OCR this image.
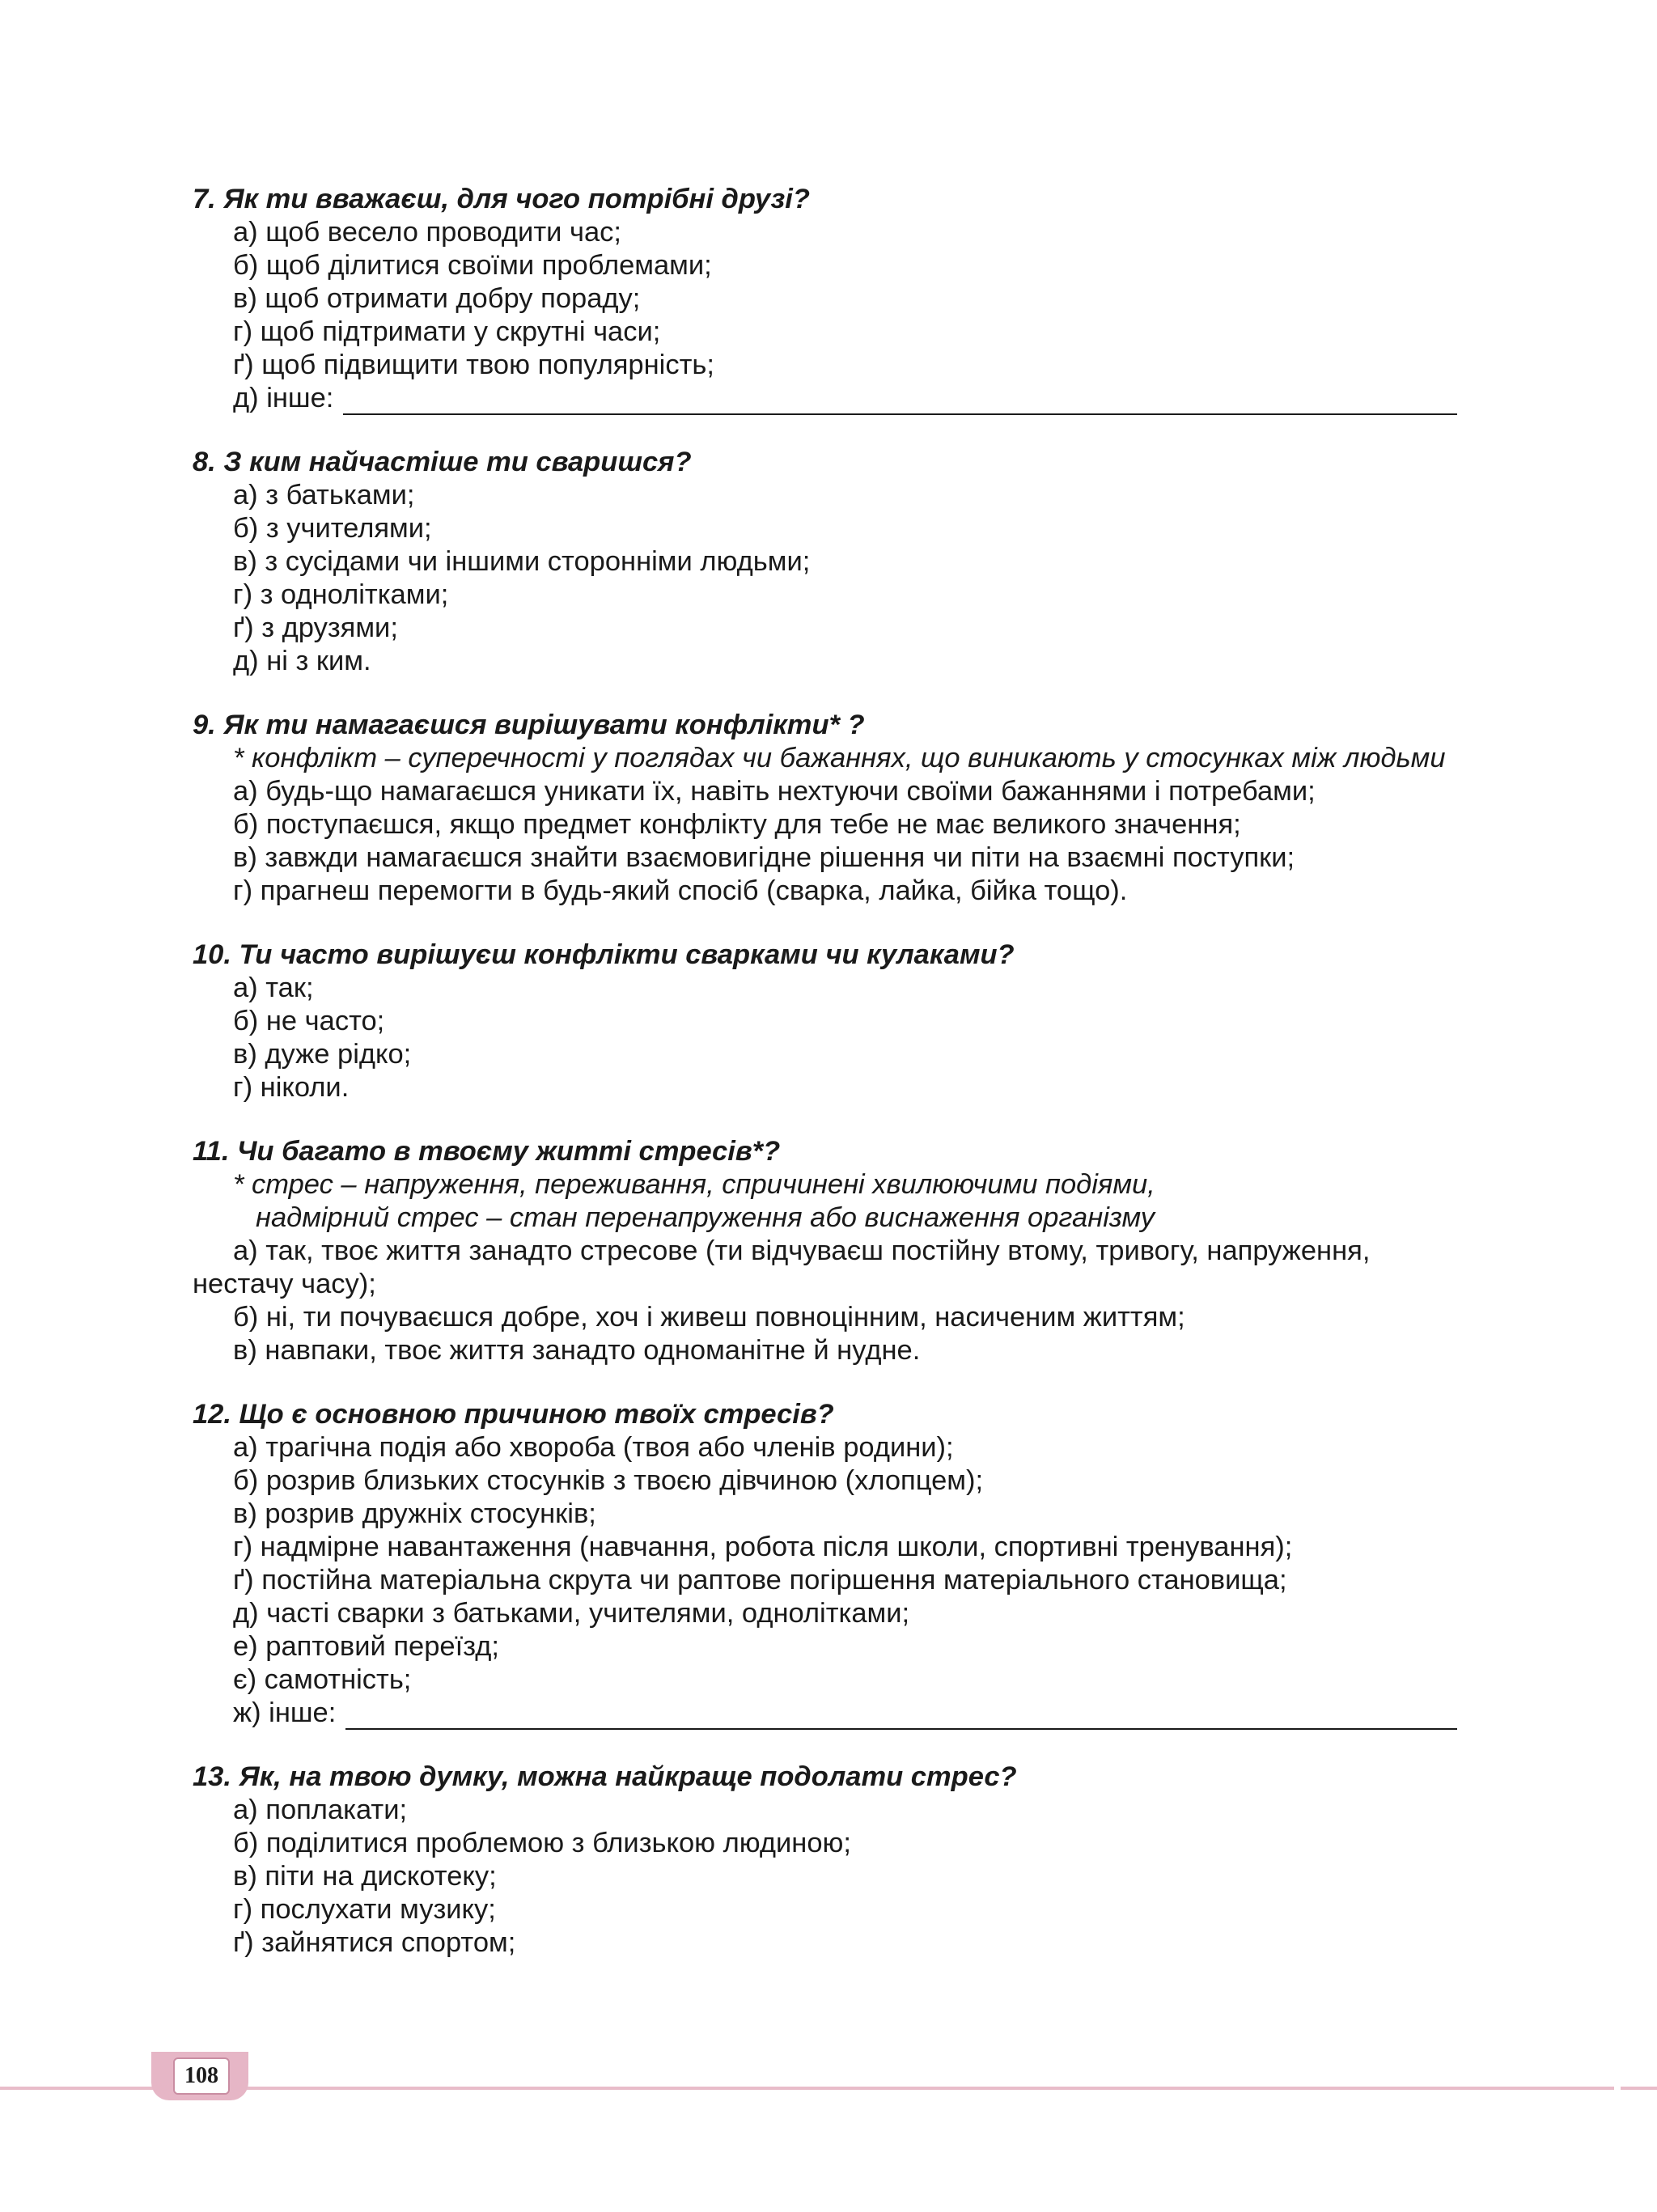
7. Як ти вважаєш, для чого потрібні друзі?
а) щоб весело проводити час;
б) щоб ділитися своїми проблемами;
в) щоб отримати добру пораду;
г) щоб підтримати у скрутні часи;
ґ) щоб підвищити твою популярність;
д) інше:
8. З ким найчастіше ти сваришся?
а) з батьками;
б) з учителями;
в) з сусідами чи іншими сторонніми людьми;
г) з однолітками;
ґ) з друзями;
д) ні з ким.
9. Як ти намагаєшся вирішувати конфлікти* ?
* конфлікт – суперечності у поглядах чи бажаннях, що виникають у стосунках між людьми
а) будь-що намагаєшся уникати їх, навіть нехтуючи своїми бажаннями і потребами;
б) поступаєшся, якщо предмет конфлікту для тебе не має великого значення;
в) завжди намагаєшся знайти взаємовигідне рішення чи піти на взаємні поступки;
г) прагнеш перемогти в будь-який спосіб (сварка, лайка, бійка тощо).
10. Ти часто вирішуєш конфлікти сварками чи кулаками?
а) так;
б) не часто;
в) дуже рідко;
г) ніколи.
11. Чи багато в твоєму житті стресів*?
* стрес – напруження, переживання, спричинені хвилюючими подіями,
надмірний стрес – стан перенапруження або виснаження організму
а) так, твоє життя занадто стресове (ти відчуваєш постійну втому, тривогу, напруження,
нестачу часу);
б) ні, ти почуваєшся добре, хоч і живеш повноцінним, насиченим життям;
в) навпаки, твоє життя занадто одноманітне й нудне.
12. Що є основною причиною твоїх стресів?
а) трагічна подія або хвороба (твоя або членів родини);
б) розрив близьких стосунків з твоєю дівчиною (хлопцем);
в) розрив дружніх стосунків;
г) надмірне навантаження (навчання, робота після школи, спортивні тренування);
ґ) постійна матеріальна скрута чи раптове погіршення матеріального становища;
д) часті сварки з батьками, учителями, однолітками;
е) раптовий переїзд;
є) самотність;
ж) інше:
13. Як, на твою думку, можна найкраще подолати стрес?
а) поплакати;
б) поділитися проблемою з близькою людиною;
в) піти на дискотеку;
г) послухати музику;
ґ) зайнятися спортом;
108
